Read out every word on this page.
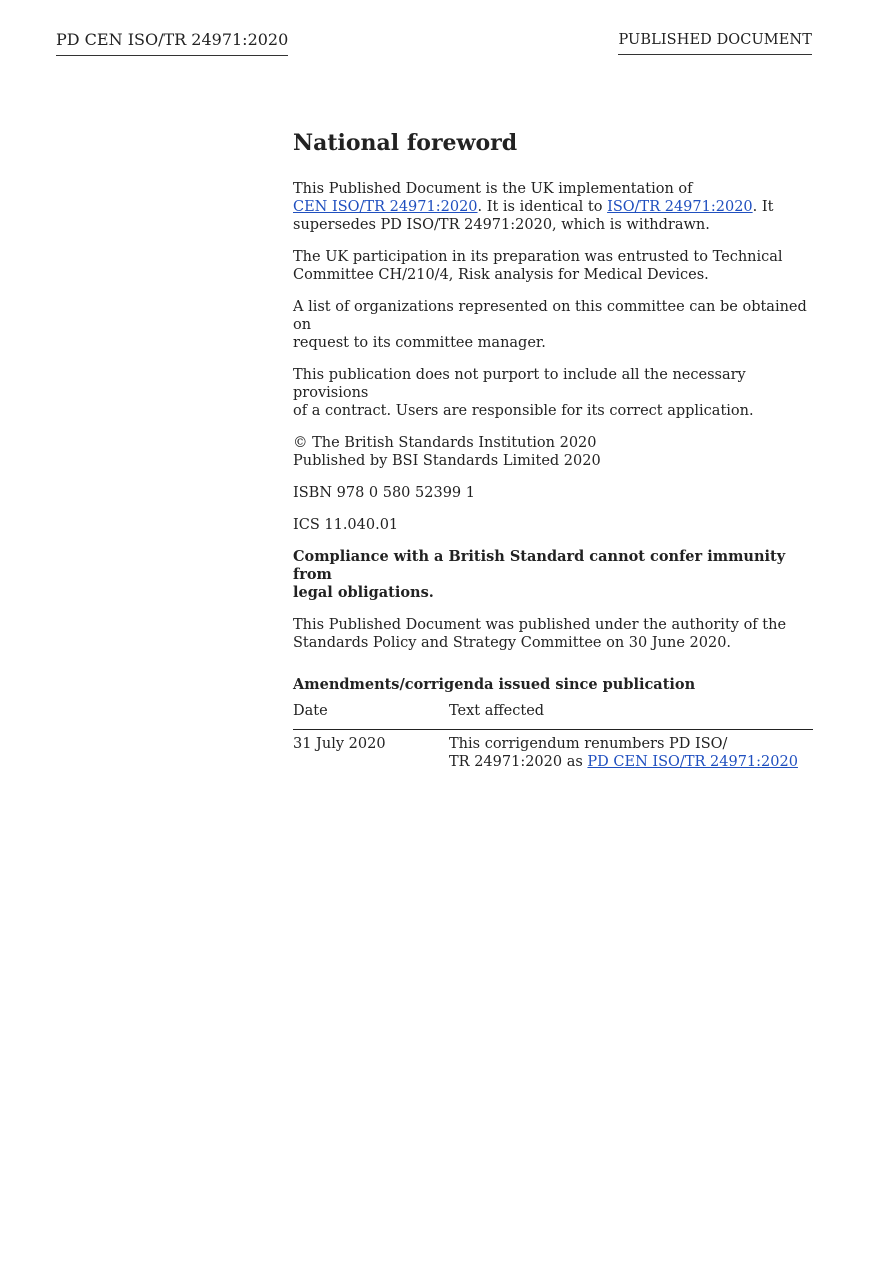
PD CEN ISO/TR 24971:2020	PUBLISHED DOCUMENT
National foreword

This Published Document is the UK implementation of
CEN ISO/TR 24971:2020. It is identical to ISO/TR 24971:2020. It
supersedes PD ISO/TR 24971:2020, which is withdrawn.

The UK participation in its preparation was entrusted to Technical
Committee CH/210/4, Risk analysis for Medical Devices.

A list of organizations represented on this committee can be obtained on
request to its committee manager.

This publication does not purport to include all the necessary provisions
of a contract. Users are responsible for its correct application.

© The British Standards Institution 2020
Published by BSI Standards Limited 2020

ISBN 978 0 580 52399 1

ICS 11.040.01

Compliance with a British Standard cannot confer immunity from
legal obligations.

This Published Document was published under the authority of the
Standards Policy and Strategy Committee on 30 June 2020.

Amendments/corrigenda issued since publication
Date	Text affected
31 July 2020	This corrigendum renumbers PD ISO/
TR 24971:2020 as PD CEN ISO/TR 24971:2020
